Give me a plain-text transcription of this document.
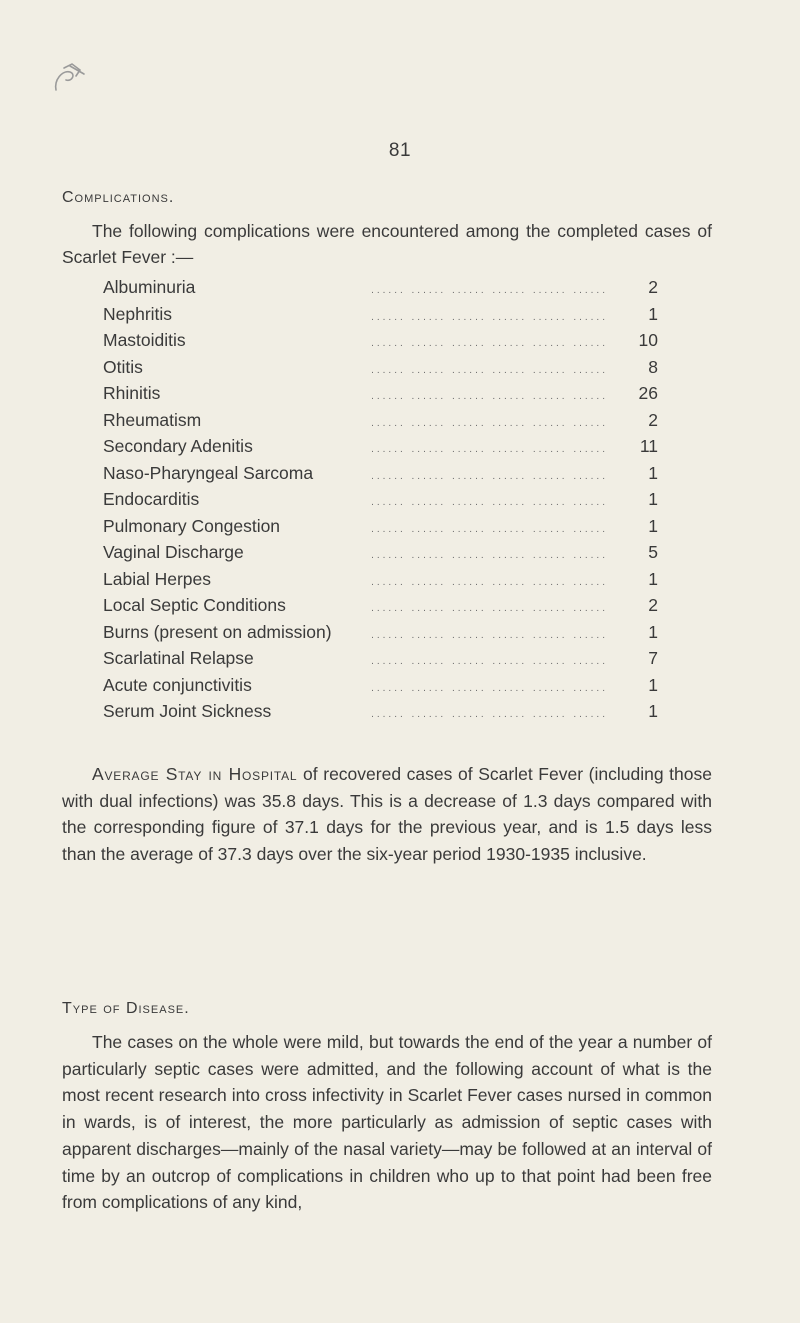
81
Complications.

The following complications were encountered among the completed cases of Scarlet Fever :—

Albuminuria	...... ...... ...... ...... ...... ......	2
Nephritis	...... ...... ...... ...... ...... ......	1
Mastoiditis	...... ...... ...... ...... ...... ......	10
Otitis	...... ...... ...... ...... ...... ......	8
Rhinitis	...... ...... ...... ...... ...... ......	26
Rheumatism	...... ...... ...... ...... ...... ......	2
Secondary Adenitis	...... ...... ...... ...... ...... ......	11
Naso-Pharyngeal Sarcoma	...... ...... ...... ...... ...... ......	1
Endocarditis	...... ...... ...... ...... ...... ......	1
Pulmonary Congestion	...... ...... ...... ...... ...... ......	1
Vaginal Discharge	...... ...... ...... ...... ...... ......	5
Labial Herpes	...... ...... ...... ...... ...... ......	1
Local Septic Conditions	...... ...... ...... ...... ...... ......	2
Burns (present on admission)	...... ...... ...... ...... ...... ......	1
Scarlatinal Relapse	...... ...... ...... ...... ...... ......	7
Acute conjunctivitis	...... ...... ...... ...... ...... ......	1
Serum Joint Sickness	...... ...... ...... ...... ...... ......	1

Average Stay in Hospital of recovered cases of Scarlet Fever (including those with dual infections) was 35.8 days. This is a decrease of 1.3 days compared with the corresponding figure of 37.1 days for the previous year, and is 1.5 days less than the average of 37.3 days over the six-year period 1930-1935 inclusive.

Type of Disease.

The cases on the whole were mild, but towards the end of the year a number of particularly septic cases were admitted, and the following account of what is the most recent research into cross infectivity in Scarlet Fever cases nursed in common in wards, is of interest, the more particularly as admission of septic cases with apparent discharges—mainly of the nasal variety—may be followed at an interval of time by an outcrop of complications in children who up to that point had been free from complications of any kind,
